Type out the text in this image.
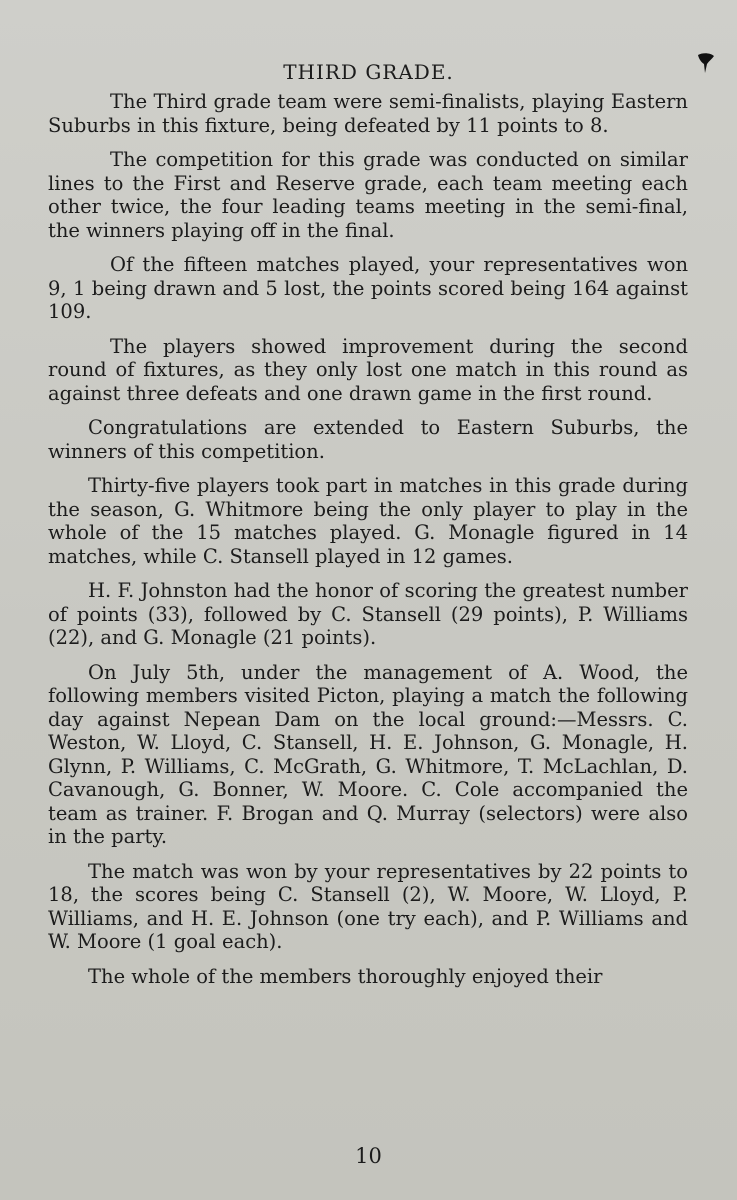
THIRD GRADE.

The Third grade team were semi-finalists, playing Eastern Suburbs in this fixture, being defeated by 11 points to 8.

The competition for this grade was conducted on similar lines to the First and Reserve grade, each team meeting each other twice, the four leading teams meeting in the semi-final, the winners playing off in the final.

Of the fifteen matches played, your representatives won 9, 1 being drawn and 5 lost, the points scored being 164 against 109.

The players showed improvement during the second round of fixtures, as they only lost one match in this round as against three defeats and one drawn game in the first round.

Congratulations are extended to Eastern Suburbs, the winners of this competition.

Thirty-five players took part in matches in this grade during the season, G. Whitmore being the only player to play in the whole of the 15 matches played. G. Monagle figured in 14 matches, while C. Stansell played in 12 games.

H. F. Johnston had the honor of scoring the greatest number of points (33), followed by C. Stansell (29 points), P. Williams (22), and G. Monagle (21 points).

On July 5th, under the management of A. Wood, the following members visited Picton, playing a match the following day against Nepean Dam on the local ground:—Messrs. C. Weston, W. Lloyd, C. Stansell, H. E. Johnson, G. Monagle, H. Glynn, P. Williams, C. McGrath, G. Whitmore, T. McLachlan, D. Cavanough, G. Bonner, W. Moore. C. Cole accompanied the team as trainer. F. Brogan and Q. Murray (selectors) were also in the party.

The match was won by your representatives by 22 points to 18, the scores being C. Stansell (2), W. Moore, W. Lloyd, P. Williams, and H. E. Johnson (one try each), and P. Williams and W. Moore (1 goal each).

The whole of the members thoroughly enjoyed their

10
